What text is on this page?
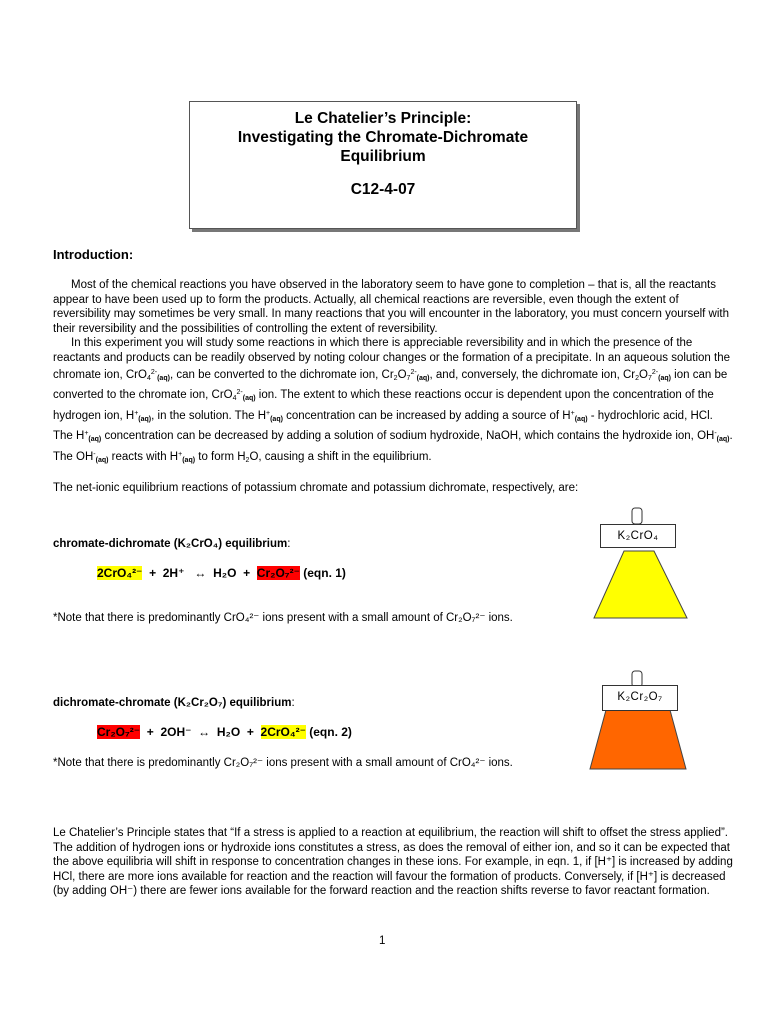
Le Chatelier’s Principle:
Investigating the Chromate-Dichromate
Equilibrium
C12-4-07
Introduction:

Most of the chemical reactions you have observed in the laboratory seem to have gone to completion – that is, all the reactants appear to have been used up to form the products. Actually, all chemical reactions are reversible, even though the extent of reversibility may sometimes be very small. In many reactions that you will encounter in the laboratory, you must concern yourself with their reversibility and the possibilities of controlling the extent of reversibility.

In this experiment you will study some reactions in which there is appreciable reversibility and in which the presence of the reactants and products can be readily observed by noting colour changes or the formation of a precipitate. In an aqueous solution the chromate ion, CrO$_4^{2-}$(aq), can be converted to the dichromate ion, $Cr_2O_7^{2-}(aq)$, and, conversely, the dichromate ion, $Cr_2O_7^{2-}(aq)$ ion can be converted to the chromate ion, CrO$_4^{2-}$(aq) ion. The extent to which these reactions occur is dependent upon the concentration of the hydrogen ion, H+(aq), in the solution. The H+(aq) concentration can be increased by adding a source of H+(aq) - hydrochloric acid, HCl. The H+(aq) concentration can be decreased by adding a solution of sodium hydroxide, NaOH, which contains the hydroxide ion, OH-(aq). The OH-(aq) reacts with H+(aq) to form $H_2O$, causing a shift in the equilibrium.

The net-ionic equilibrium reactions of potassium chromate and potassium dichromate, respectively, are:
chromate-dichromate (K₂CrO₄) equilibrium:
2CrO₄²⁻  +  2H⁺   ↔  H₂O  +  Cr₂O₇²⁻ (eqn. 1)
*Note that there is predominantly CrO₄²⁻ ions present with a small amount of Cr₂O₇²⁻ ions.
K₂CrO₄
dichromate-chromate (K₂Cr₂O₇) equilibrium:
Cr₂O₇²⁻  +  2OH⁻  ↔  H₂O  +  2CrO₄²⁻ (eqn. 2)
*Note that there is predominantly Cr₂O₇²⁻ ions present with a small amount of CrO₄²⁻ ions.
K₂Cr₂O₇
Le Chatelier’s Principle states that “If a stress is applied to a reaction at equilibrium, the reaction will shift to offset the stress applied”. The addition of hydrogen ions or hydroxide ions constitutes a stress, as does the removal of either ion, and so it can be expected that the above equilibria will shift in response to concentration changes in these ions. For example, in eqn. 1, if [H⁺] is increased by adding HCl, there are more ions available for reaction and the reaction will favour the formation of products. Conversely, if [H⁺] is decreased (by adding OH⁻) there are fewer ions available for the forward reaction and the reaction shifts reverse to favor reactant formation.
1
